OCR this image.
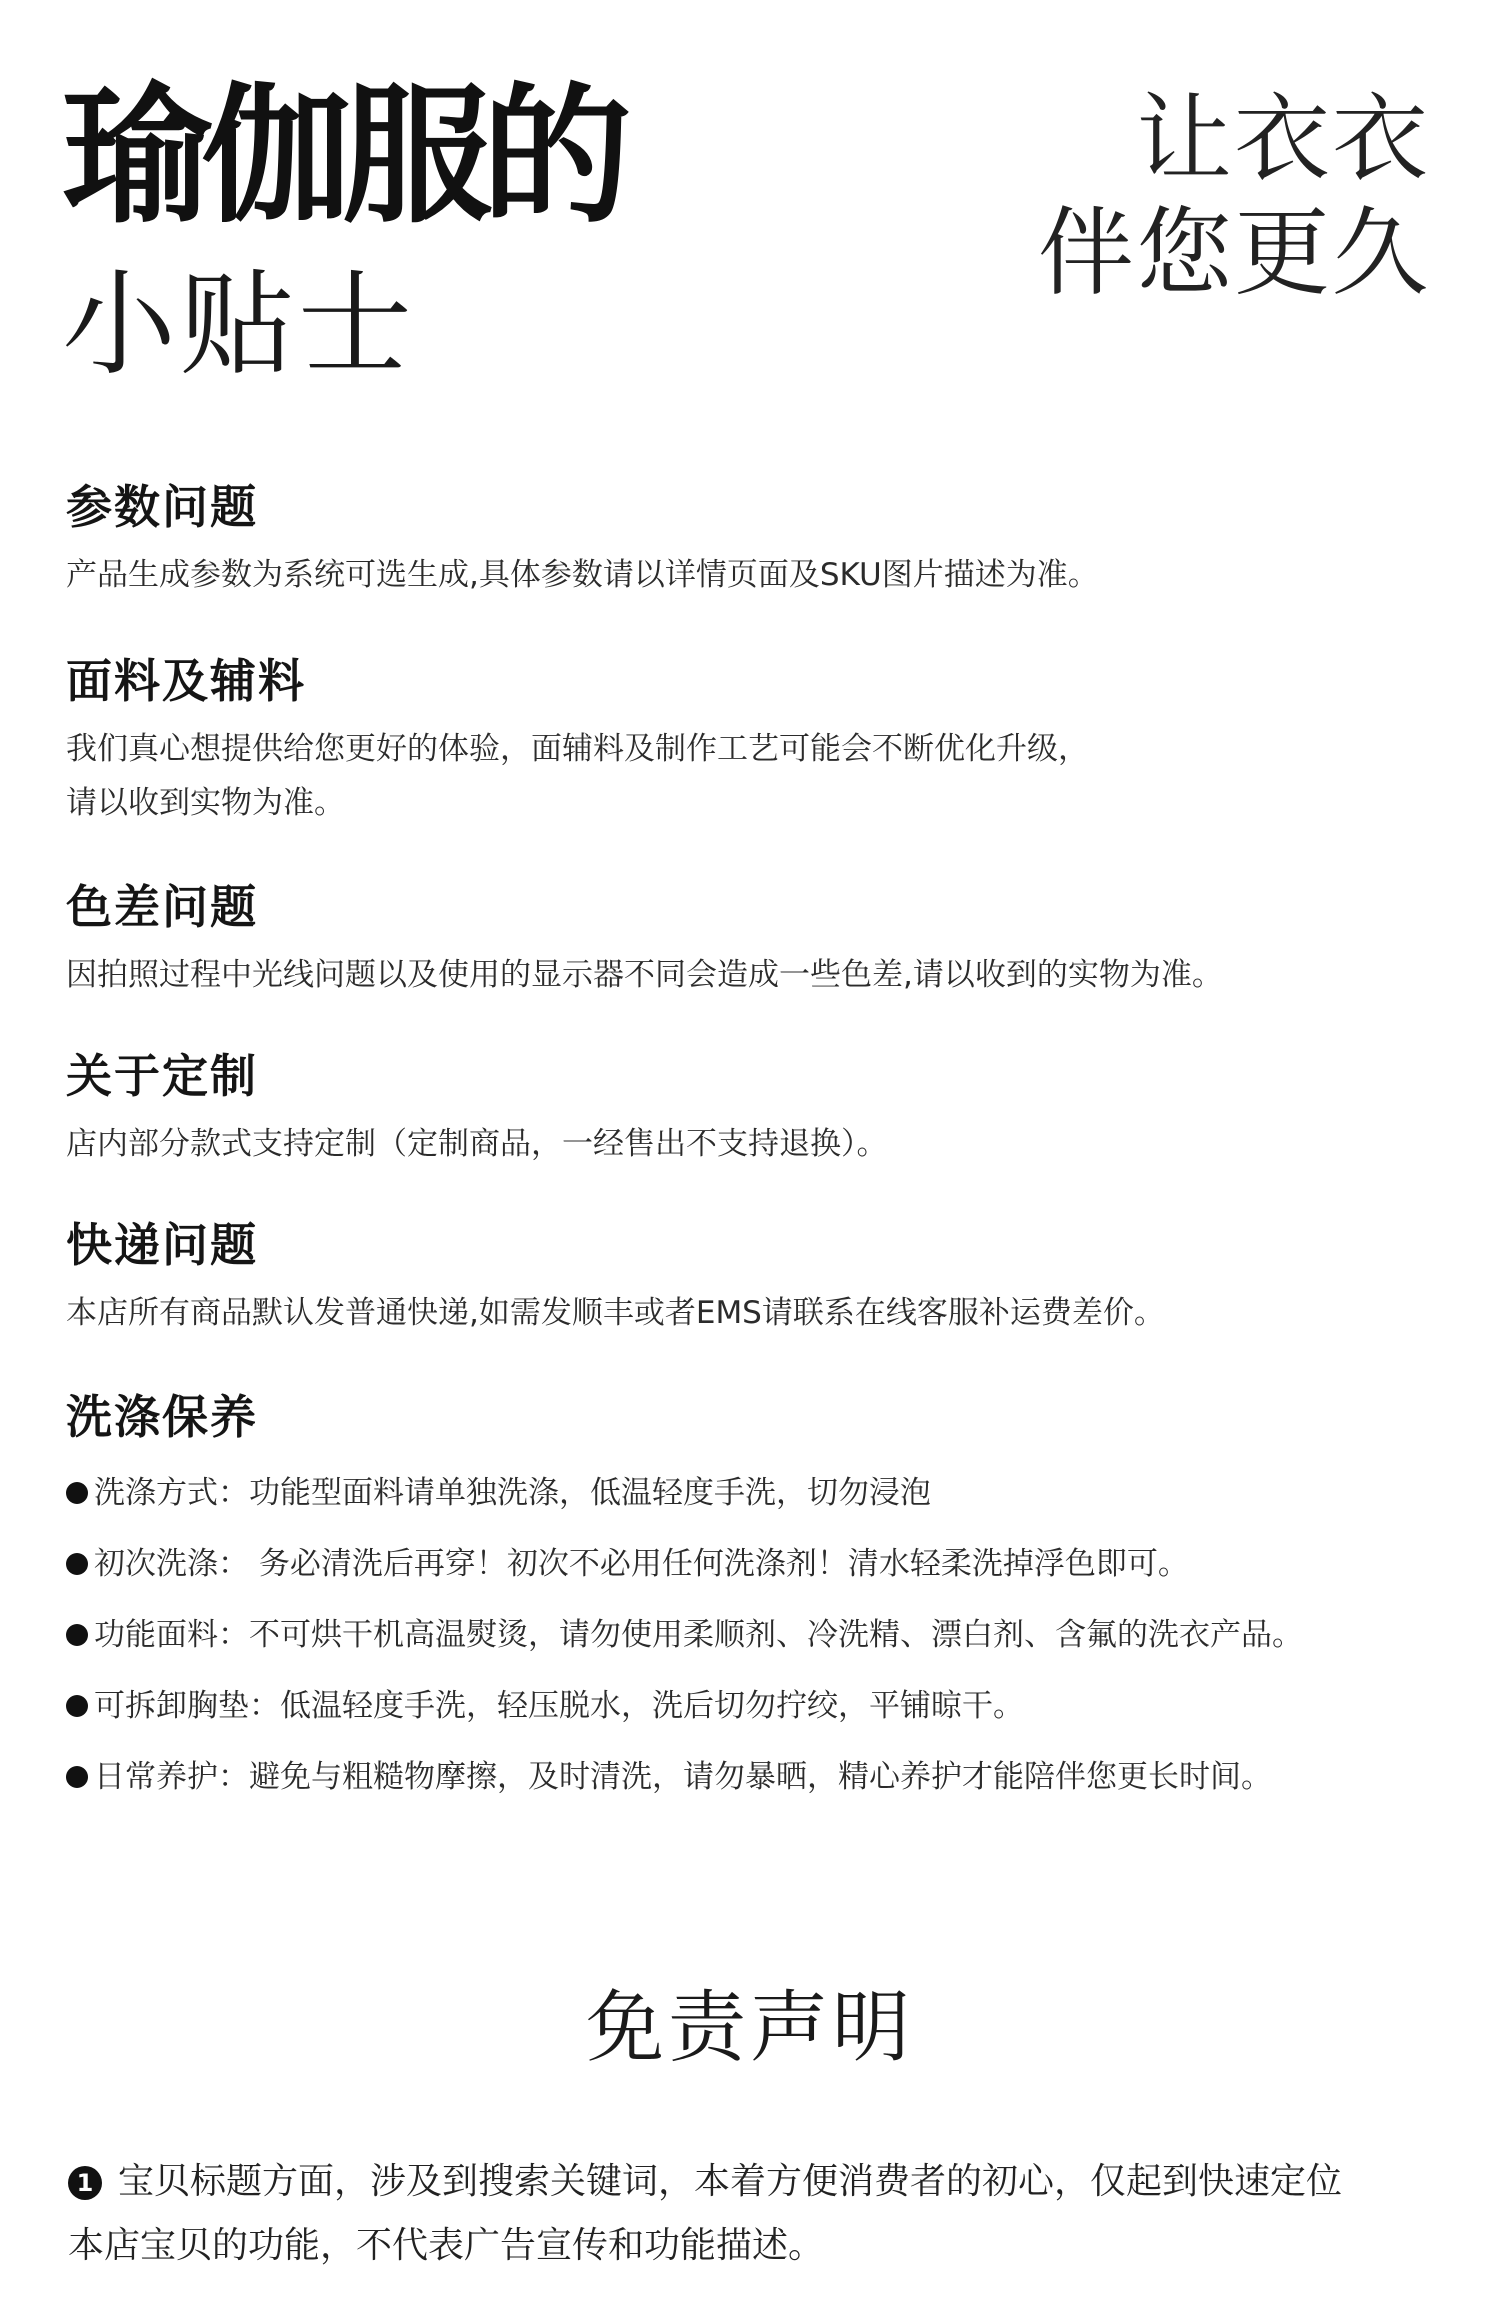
瑜伽服的
小贴士
让衣衣
伴您更久
参数问题

产品生成参数为系统可选生成,具体参数请以详情页面及SKU图片描述为准。

面料及辅料

我们真心想提供给您更好的体验，面辅料及制作工艺可能会不断优化升级，

请以收到实物为准。

色差问题

因拍照过程中光线问题以及使用的显示器不同会造成一些色差,请以收到的实物为准。

关于定制

店内部分款式支持定制（定制商品，一经售出不支持退换）。

快递问题

本店所有商品默认发普通快递,如需发顺丰或者EMS请联系在线客服补运费差价。

洗涤保养
洗涤方式：功能型面料请单独洗涤，低温轻度手洗，切勿浸泡
初次洗涤： 务必清洗后再穿！初次不必用任何洗涤剂！清水轻柔洗掉浮色即可。
功能面料：不可烘干机高温熨烫，请勿使用柔顺剂、冷洗精、漂白剂、含氟的洗衣产品。
可拆卸胸垫：低温轻度手洗，轻压脱水，洗后切勿拧绞，平铺晾干。
日常养护：避免与粗糙物摩擦，及时清洗，请勿暴晒，精心养护才能陪伴您更长时间。
免责声明
1 宝贝标题方面，涉及到搜索关键词，本着方便消费者的初心，仅起到快速定位
本店宝贝的功能，不代表广告宣传和功能描述。
